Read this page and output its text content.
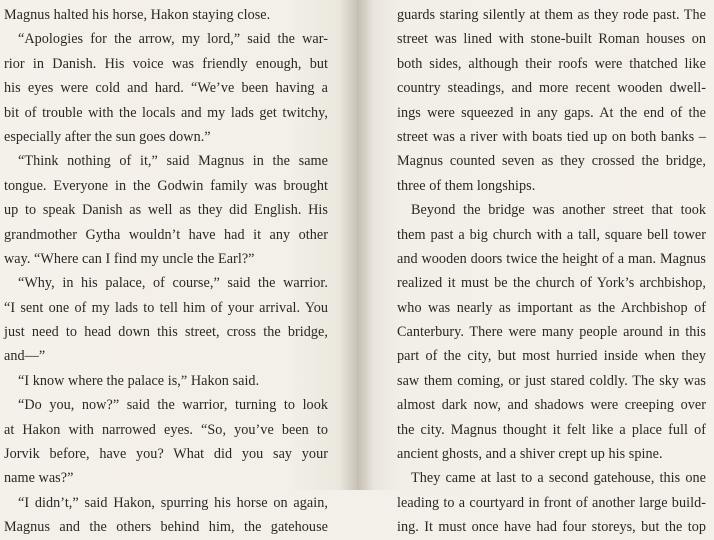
Magnus halted his horse, Hakon staying close.
“Apologies for the arrow, my lord,” said the war-
rior in Danish. His voice was friendly enough, but
his eyes were cold and hard. “We’ve been having a
bit of trouble with the locals and my lads get twitchy,
especially after the sun goes down.”
“Think nothing of it,” said Magnus in the same
tongue. Everyone in the Godwin family was brought
up to speak Danish as well as they did English. His
grandmother Gytha wouldn’t have had it any other
way. “Where can I find my uncle the Earl?”
“Why, in his palace, of course,” said the warrior.
“I sent one of my lads to tell him of your arrival. You
just need to head down this street, cross the bridge,
and—”
“I know where the palace is,” Hakon said.
“Do you, now?” said the warrior, turning to look
at Hakon with narrowed eyes. “So, you’ve been to
Jorvik before, have you? What did you say your
name was?”
“I didn’t,” said Hakon, spurring his horse on again,
Magnus and the others behind him, the gatehouse
guards staring silently at them as they rode past. The
street was lined with stone-built Roman houses on
both sides, although their roofs were thatched like
country steadings, and more recent wooden dwell-
ings were squeezed in any gaps. At the end of the
street was a river with boats tied up on both banks –
Magnus counted seven as they crossed the bridge,
three of them longships.
Beyond the bridge was another street that took
them past a big church with a tall, square bell tower
and wooden doors twice the height of a man. Magnus
realized it must be the church of York’s archbishop,
who was nearly as important as the Archbishop of
Canterbury. There were many people around in this
part of the city, but most hurried inside when they
saw them coming, or just stared coldly. The sky was
almost dark now, and shadows were creeping over
the city. Magnus thought it felt like a place full of
ancient ghosts, and a shiver crept up his spine.
They came at last to a second gatehouse, this one
leading to a courtyard in front of another large build-
ing. It must once have had four storeys, but the top
